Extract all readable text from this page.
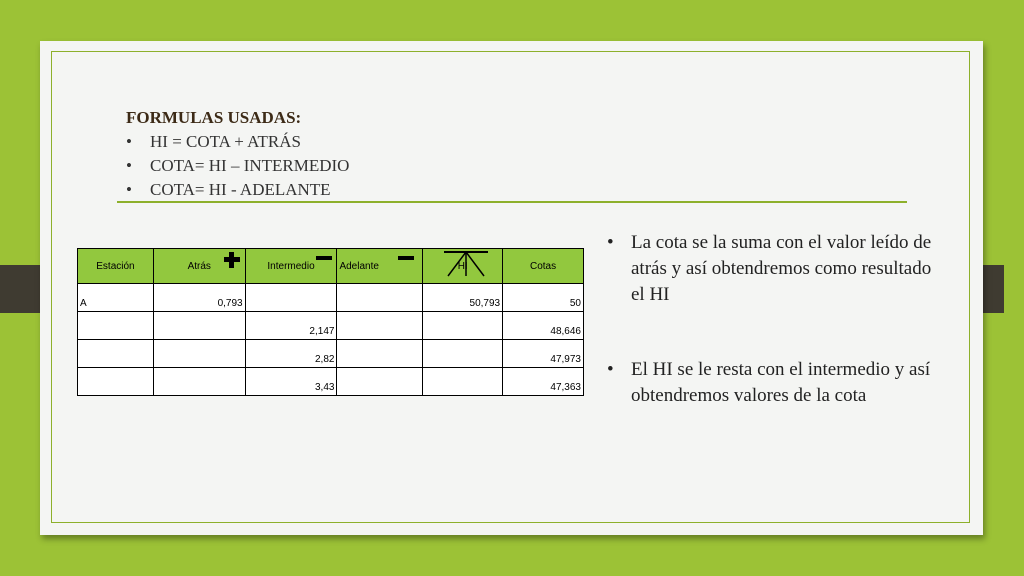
FORMULAS USADAS:
• HI = COTA + ATRÁS
• COTA= HI – INTERMEDIO
• COTA= HI - ADELANTE
Estación	Atrás	Intermedio	Adelante	HI	Cotas
A	0,793			50,793	50
		2,147			48,646
		2,82			47,973
		3,43			47,363

• La cota se la suma con el valor leído de atrás y así obtendremos como resultado el HI

• El HI se le resta con el intermedio y así obtendremos valores de la cota
